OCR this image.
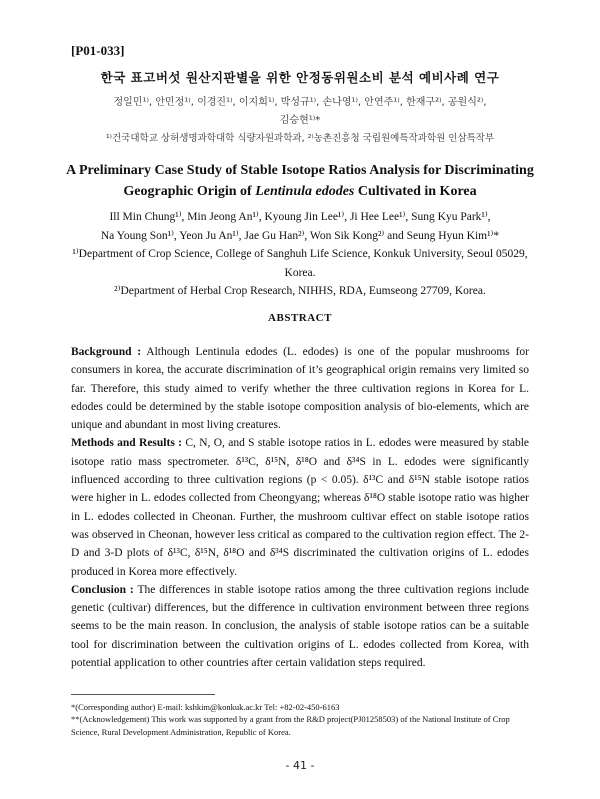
[P01-033]
한국 표고버섯 원산지판별을 위한 안정동위원소비 분석 예비사례 연구
정일민¹⁾, 안민정¹⁾, 이경진¹⁾, 이지희¹⁾, 박성규¹⁾, 손나영¹⁾, 안연주¹⁾, 한재구²⁾, 공원식²⁾,
김승현¹⁾*
¹⁾건국대학교 상허생명과학대학 식량자원과학과, ²⁾농촌진흥청 국립원예특작과학원 인삼특작부
A Preliminary Case Study of Stable Isotope Ratios Analysis for Discriminating Geographic Origin of Lentinula edodes Cultivated in Korea
Ill Min Chung¹⁾, Min Jeong An¹⁾, Kyoung Jin Lee¹⁾, Ji Hee Lee¹⁾, Sung Kyu Park¹⁾,
Na Young Son¹⁾, Yeon Ju An¹⁾, Jae Gu Han²⁾, Won Sik Kong²⁾ and Seung Hyun Kim¹⁾*
¹⁾Department of Crop Science, College of Sanghuh Life Science, Konkuk University, Seoul 05029, Korea.
²⁾Department of Herbal Crop Research, NIHHS, RDA, Eumseong 27709, Korea.
ABSTRACT

Background : Although Lentinula edodes (L. edodes) is one of the popular mushrooms for consumers in korea, the accurate discrimination of it’s geographical origin remains very limited so far. Therefore, this study aimed to verify whether the three cultivation regions in Korea for L. edodes could be determined by the stable isotope composition analysis of bio-elements, which are unique and abundant in most living creatures.

Methods and Results : C, N, O, and S stable isotope ratios in L. edodes were measured by stable isotope ratio mass spectrometer. δ¹³C, δ¹⁵N, δ¹⁸O and δ³⁴S in L. edodes were significantly influenced according to three cultivation regions (p < 0.05). δ¹³C and δ¹⁵N stable isotope ratios were higher in L. edodes collected from Cheongyang; whereas δ¹⁸O stable isotope ratio was higher in L. edodes collected in Cheonan. Further, the mushroom cultivar effect on stable isotope ratios was observed in Cheonan, however less critical as compared to the cultivation region effect. The 2-D and 3-D plots of δ¹³C, δ¹⁵N, δ¹⁸O and δ³⁴S discriminated the cultivation origins of L. edodes produced in Korea more effectively.

Conclusion : The differences in stable isotope ratios among the three cultivation regions include genetic (cultivar) differences, but the difference in cultivation environment between three regions seems to be the main reason. In conclusion, the analysis of stable isotope ratios can be a suitable tool for discrimination between the cultivation origins of L. edodes collected from Korea, with potential application to other countries after certain validation steps required.

*(Corresponding author) E-mail: kshkim@konkuk.ac.kr Tel: +82-02-450-6163
**(Acknowledgement) This work was supported by a grant from the R&D project(PJ01258503) of the National Institute of Crop Science, Rural Development Administration, Republic of Korea.
- 41 -
